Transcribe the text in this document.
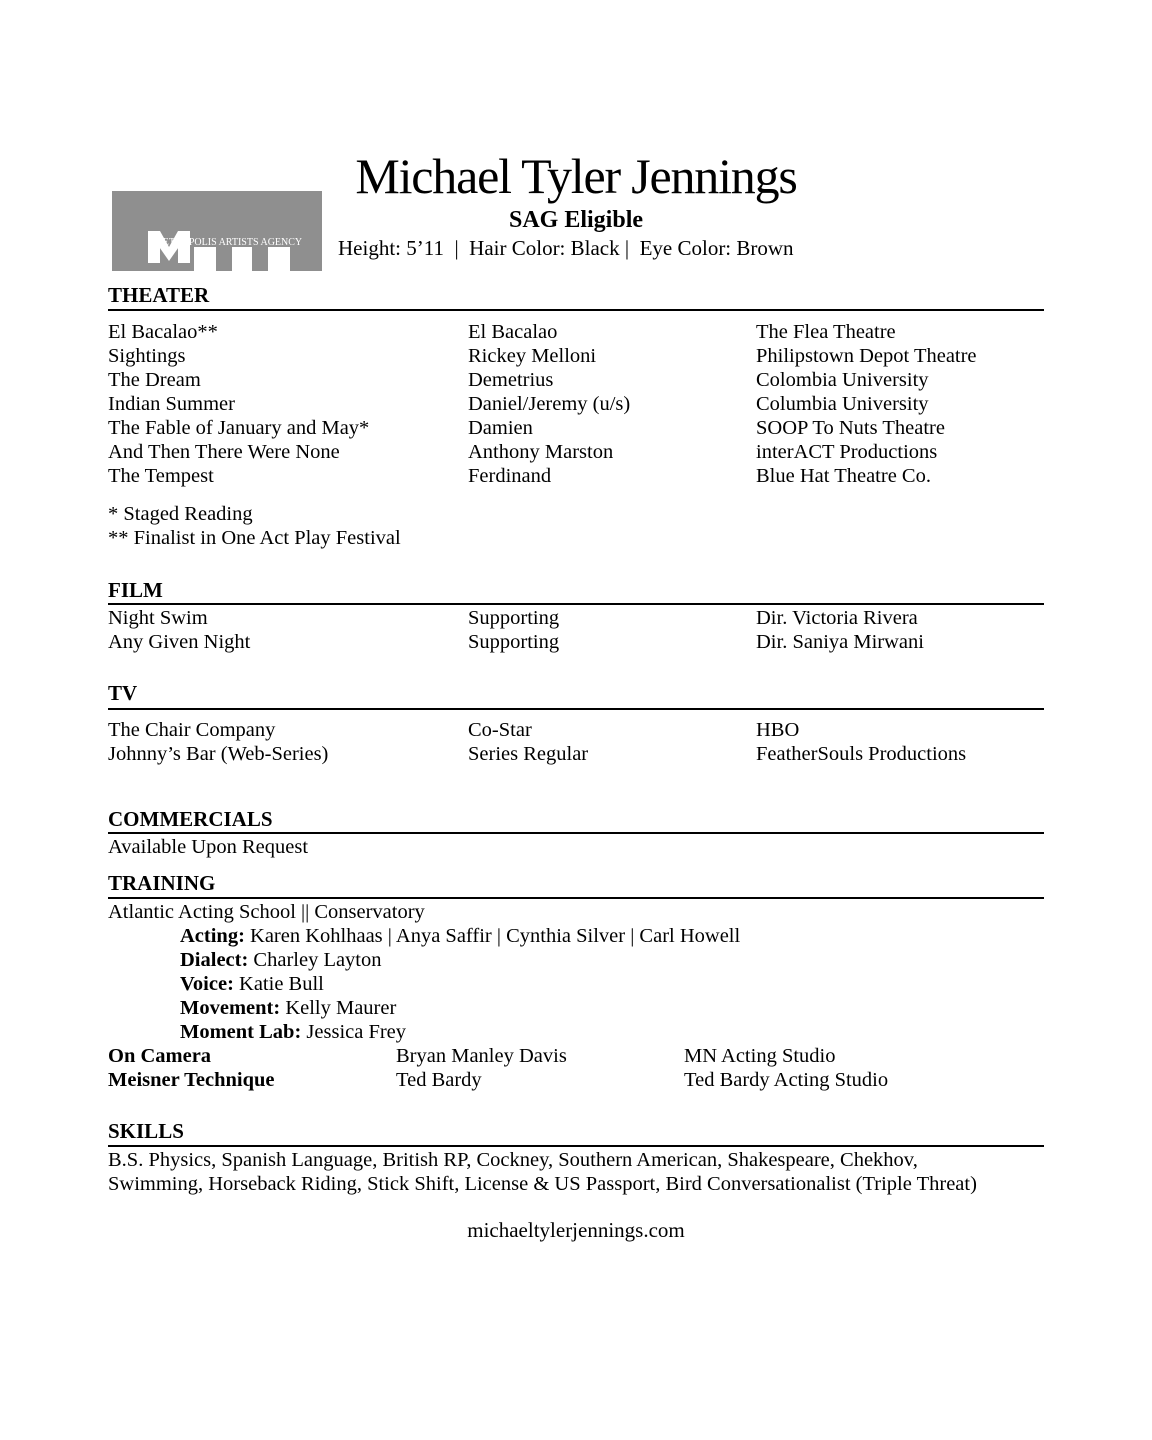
Michael Tyler Jennings
METROPOLIS ARTISTS AGENCY
SAG Eligible
Height: 5’11  |  Hair Color: Black |  Eye Color: Brown
THEATER
El Bacalao**	El Bacalao	The Flea Theatre
Sightings	Rickey Melloni	Philipstown Depot Theatre
The Dream	Demetrius	Colombia University
Indian Summer	Daniel/Jeremy (u/s)	Columbia University
The Fable of January and May*	Damien	SOOP To Nuts Theatre
And Then There Were None	Anthony Marston	interACT Productions
The Tempest	Ferdinand	Blue Hat Theatre Co.
* Staged Reading
** Finalist in One Act Play Festival
FILM
Night Swim	Supporting	Dir. Victoria Rivera
Any Given Night	Supporting	Dir. Saniya Mirwani
TV
The Chair Company	Co-Star	HBO
Johnny’s Bar (Web-Series)	Series Regular	FeatherSouls Productions
COMMERCIALS
Available Upon Request
TRAINING
Atlantic Acting School || Conservatory
Acting: Karen Kohlhaas | Anya Saffir | Cynthia Silver | Carl Howell
Dialect: Charley Layton
Voice: Katie Bull
Movement: Kelly Maurer
Moment Lab: Jessica Frey
On Camera	Bryan Manley Davis	MN Acting Studio
Meisner Technique	Ted Bardy	Ted Bardy Acting Studio
SKILLS
B.S. Physics, Spanish Language, British RP, Cockney, Southern American, Shakespeare, Chekhov,
Swimming, Horseback Riding, Stick Shift, License & US Passport, Bird Conversationalist (Triple Threat)
michaeltylerjennings.com
